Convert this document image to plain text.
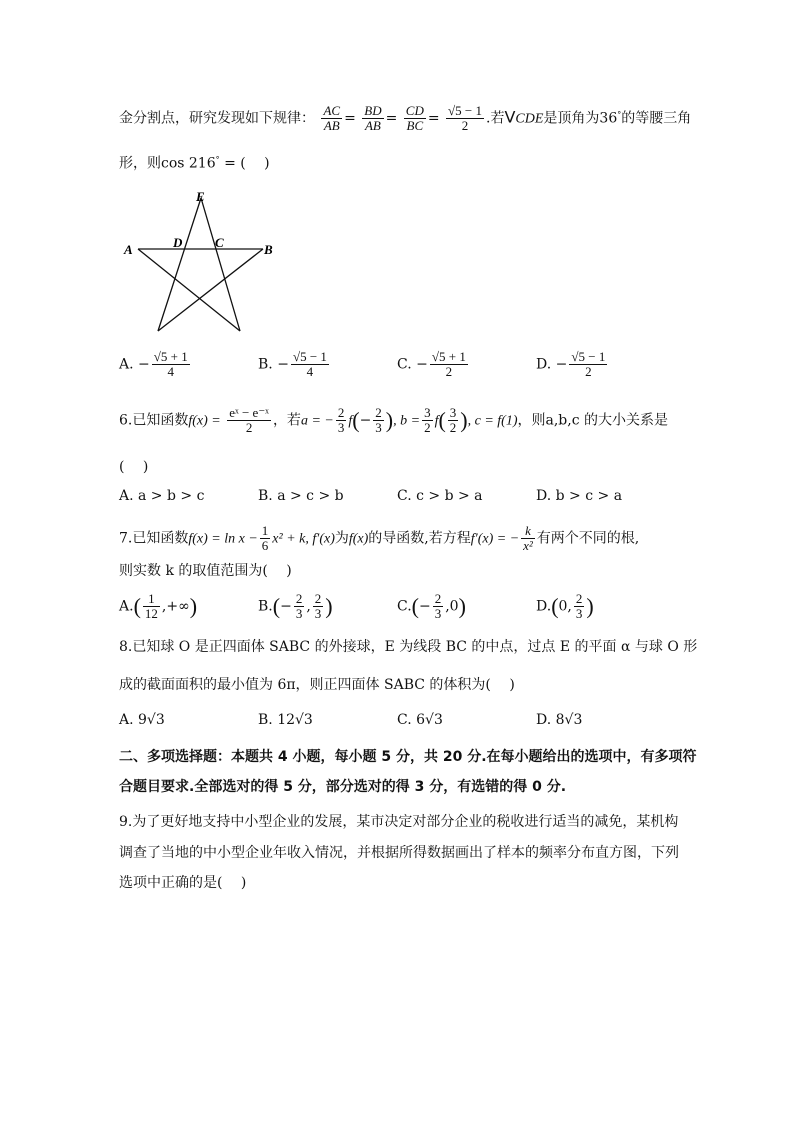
金分割点，研究发现如下规律： $\frac{AC}{AB} = \frac{BD}{AB} = \frac{CD}{BC} = \frac{√5 - 1}{2}$ .若VCDE是顶角为36°的等腰三角
形，则cos 216° = (　 )
E
A	D	C	B
A. − $\frac{√5 + 1}{4}$	B. − $\frac{√5 - 1}{4}$	C. − $\frac{√5 + 1}{2}$	D. − $\frac{√5 - 1}{2}$
6.已知函数$f(x) = \frac{\text{eˣ − e⁻ˣ}}{2}$ ，若a = − $\frac{2}{3} f(- \frac{2}{3}$ ), $b = \frac{3}{2} f( \frac{3}{2}$ ), c = f(1)，则a,b,c 的大小关系是
(　 )
A. a > b > c	B. a > c > b	C. c > b > a	D. b > c > a
7.已知函数$f(x) = \ln x - \frac{1}{6} x^2 + k$, f′(x)为f(x)的导函数,若方程f′(x) = − $\frac{k}{\text{x²}}$ 有两个不同的根,
则实数 k 的取值范围为(　 )
$A.( \frac{1}{12}$ ,+∞)	$B.(- \frac{2}{3}$ , $\frac{2}{3}$ )	$C.(- \frac{2}{3} ,0)$	D.(0, $\frac{2}{3}$ )
8.已知球 O 是正四面体 SABC 的外接球，E 为线段 BC 的中点，过点 E 的平面 α 与球 O 形
成的截面面积的最小值为 6π，则正四面体 SABC 的体积为(　 )
A. 9√3	B. 12√3	C. 6√3	D. 8√3
二、多项选择题：本题共 4 小题，每小题 5 分，共 20 分.在每小题给出的选项中，有多项符
合题目要求.全部选对的得 5 分，部分选对的得 3 分，有选错的得 0 分.
9.为了更好地支持中小型企业的发展，某市决定对部分企业的税收进行适当的减免，某机构
调查了当地的中小型企业年收入情况，并根据所得数据画出了样本的频率分布直方图，下列
选项中正确的是(　 )
